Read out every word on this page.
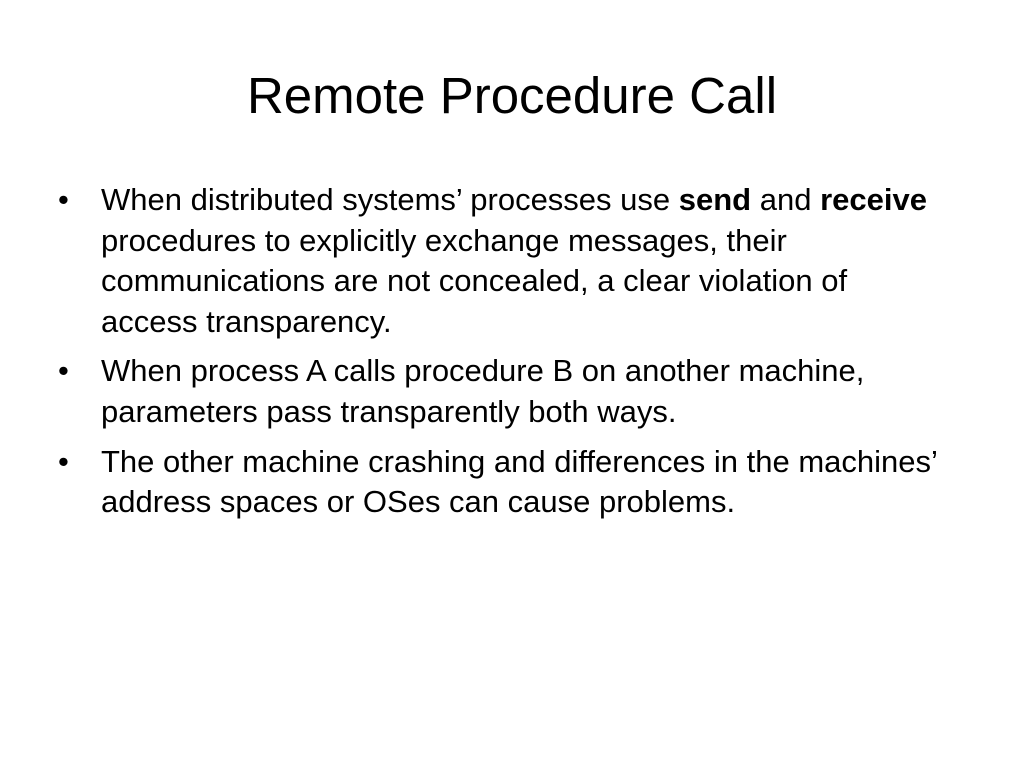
Remote Procedure Call
•	When distributed systems’ processes use send and receive procedures to explicitly exchange messages, their communications are not concealed, a clear violation of access transparency.
•	When process A calls procedure B on another machine, parameters pass transparently both ways.
•	The other machine crashing and differences in the machines’ address spaces or OSes can cause problems.
